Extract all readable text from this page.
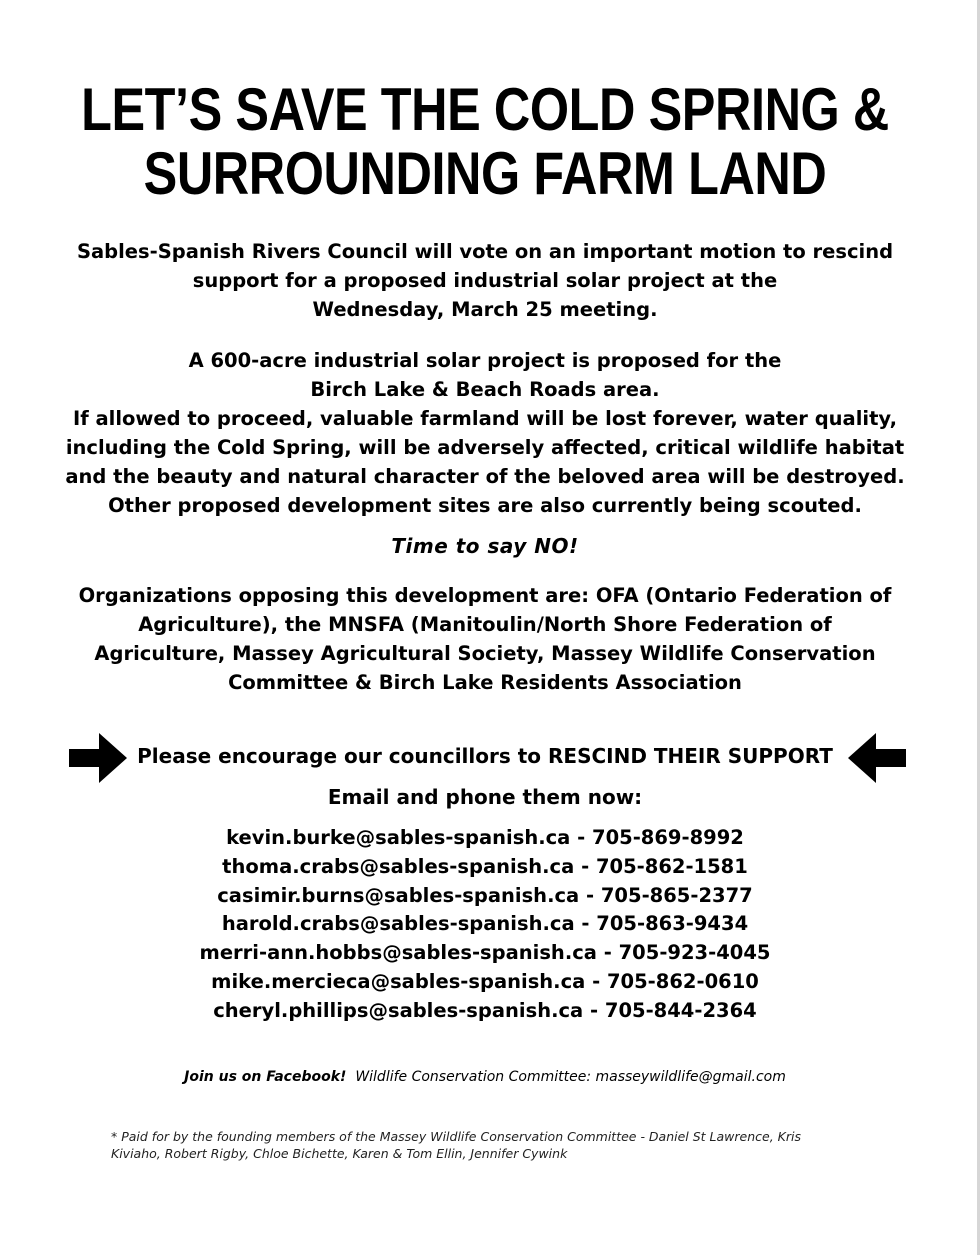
LET’S SAVE THE COLD SPRING &
SURROUNDING FARM LAND
Sables-Spanish Rivers Council will vote on an important motion to rescind
support for a proposed industrial solar project at the
Wednesday, March 25 meeting.
A 600-acre industrial solar project is proposed for the
Birch Lake & Beach Roads area.
If allowed to proceed, valuable farmland will be lost forever, water quality,
including the Cold Spring, will be adversely affected, critical wildlife habitat
and the beauty and natural character of the beloved area will be destroyed.
Other proposed development sites are also currently being scouted.
Time to say NO!
Organizations opposing this development are: OFA (Ontario Federation of
Agriculture), the MNSFA (Manitoulin/North Shore Federation of
Agriculture, Massey Agricultural Society, Massey Wildlife Conservation
Committee & Birch Lake Residents Association
Please encourage our councillors to RESCIND THEIR SUPPORT
Email and phone them now:
kevin.burke@sables-spanish.ca - 705-869-8992
thoma.crabs@sables-spanish.ca - 705-862-1581
casimir.burns@sables-spanish.ca - 705-865-2377
harold.crabs@sables-spanish.ca - 705-863-9434
merri-ann.hobbs@sables-spanish.ca - 705-923-4045
mike.mercieca@sables-spanish.ca - 705-862-0610
cheryl.phillips@sables-spanish.ca - 705-844-2364
Join us on Facebook! Wildlife Conservation Committee: masseywildlife@gmail.com
* Paid for by the founding members of the Massey Wildlife Conservation Committee - Daniel St Lawrence, Kris Kiviaho, Robert Rigby, Chloe Bichette, Karen & Tom Ellin, Jennifer Cywink
